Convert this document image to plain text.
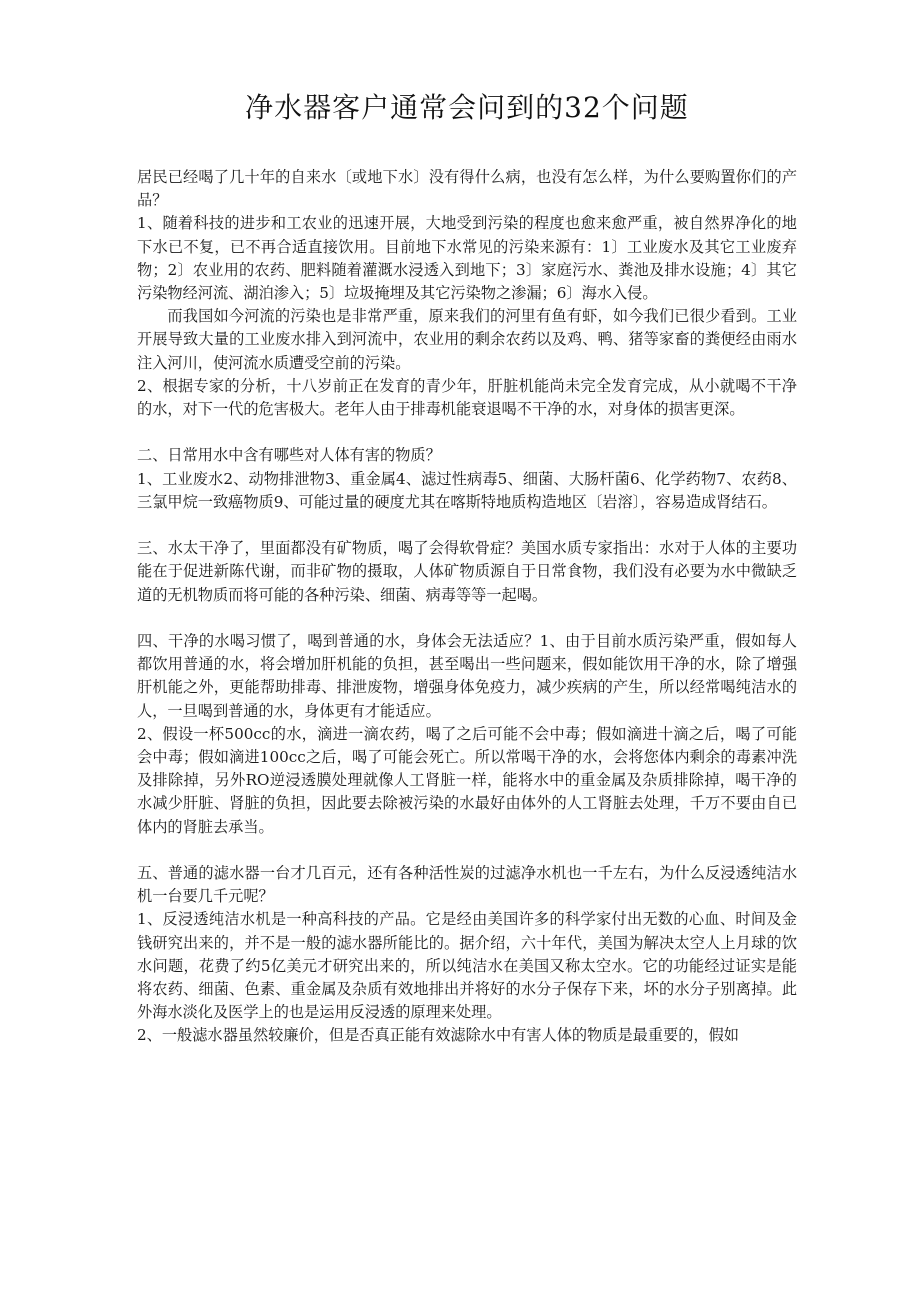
净水器客户通常会问到的32个问题

居民已经喝了几十年的自来水〔或地下水〕没有得什么病，也没有怎么样，为什么要购置你们的产品？

1、随着科技的进步和工农业的迅速开展，大地受到污染的程度也愈来愈严重，被自然界净化的地下水已不复，已不再合适直接饮用。目前地下水常见的污染来源有：1〕工业废水及其它工业废弃物；2〕农业用的农药、肥料随着灌溉水浸透入到地下；3〕家庭污水、粪池及排水设施；4〕其它污染物经河流、湖泊渗入；5〕垃圾掩埋及其它污染物之渗漏；6〕海水入侵。

而我国如今河流的污染也是非常严重，原来我们的河里有鱼有虾，如今我们已很少看到。工业开展导致大量的工业废水排入到河流中，农业用的剩余农药以及鸡、鸭、猪等家畜的粪便经由雨水注入河川，使河流水质遭受空前的污染。

2、根据专家的分析，十八岁前正在发育的青少年，肝脏机能尚未完全发育完成，从小就喝不干净的水，对下一代的危害极大。老年人由于排毒机能衰退喝不干净的水，对身体的损害更深。

二、日常用水中含有哪些对人体有害的物质？

1、工业废水2、动物排泄物3、重金属4、滤过性病毒5、细菌、大肠杆菌6、化学药物7、农药8、三氯甲烷一致癌物质9、可能过量的硬度尤其在喀斯特地质构造地区〔岩溶〕，容易造成肾结石。

三、水太干净了，里面都没有矿物质，喝了会得软骨症？美国水质专家指出：水对于人体的主要功能在于促进新陈代谢，而非矿物的摄取，人体矿物质源自于日常食物，我们没有必要为水中微缺乏道的无机物质而将可能的各种污染、细菌、病毒等等一起喝。

四、干净的水喝习惯了，喝到普通的水，身体会无法适应？1、由于目前水质污染严重，假如每人都饮用普通的水，将会增加肝机能的负担，甚至喝出一些问题来，假如能饮用干净的水，除了增强肝机能之外，更能帮助排毒、排泄废物，增强身体免疫力，减少疾病的产生，所以经常喝纯洁水的人，一旦喝到普通的水，身体更有才能适应。

2、假设一杯500cc的水，滴进一滴农药，喝了之后可能不会中毒；假如滴进十滴之后，喝了可能会中毒；假如滴进100cc之后，喝了可能会死亡。所以常喝干净的水，会将您体内剩余的毒素冲洗及排除掉，另外RO逆浸透膜处理就像人工肾脏一样，能将水中的重金属及杂质排除掉，喝干净的水减少肝脏、肾脏的负担，因此要去除被污染的水最好由体外的人工肾脏去处理，千万不要由自已体内的肾脏去承当。

五、普通的滤水器一台才几百元，还有各种活性炭的过滤净水机也一千左右，为什么反浸透纯洁水机一台要几千元呢？

1、反浸透纯洁水机是一种高科技的产品。它是经由美国许多的科学家付出无数的心血、时间及金钱研究出来的，并不是一般的滤水器所能比的。据介绍，六十年代，美国为解决太空人上月球的饮水问题，花费了约5亿美元才研究出来的，所以纯洁水在美国又称太空水。它的功能经过证实是能将农药、细菌、色素、重金属及杂质有效地排出并将好的水分子保存下来，坏的水分子别离掉。此外海水淡化及医学上的也是运用反浸透的原理来处理。

2、一般滤水器虽然较廉价，但是否真正能有效滤除水中有害人体的物质是最重要的，假如
